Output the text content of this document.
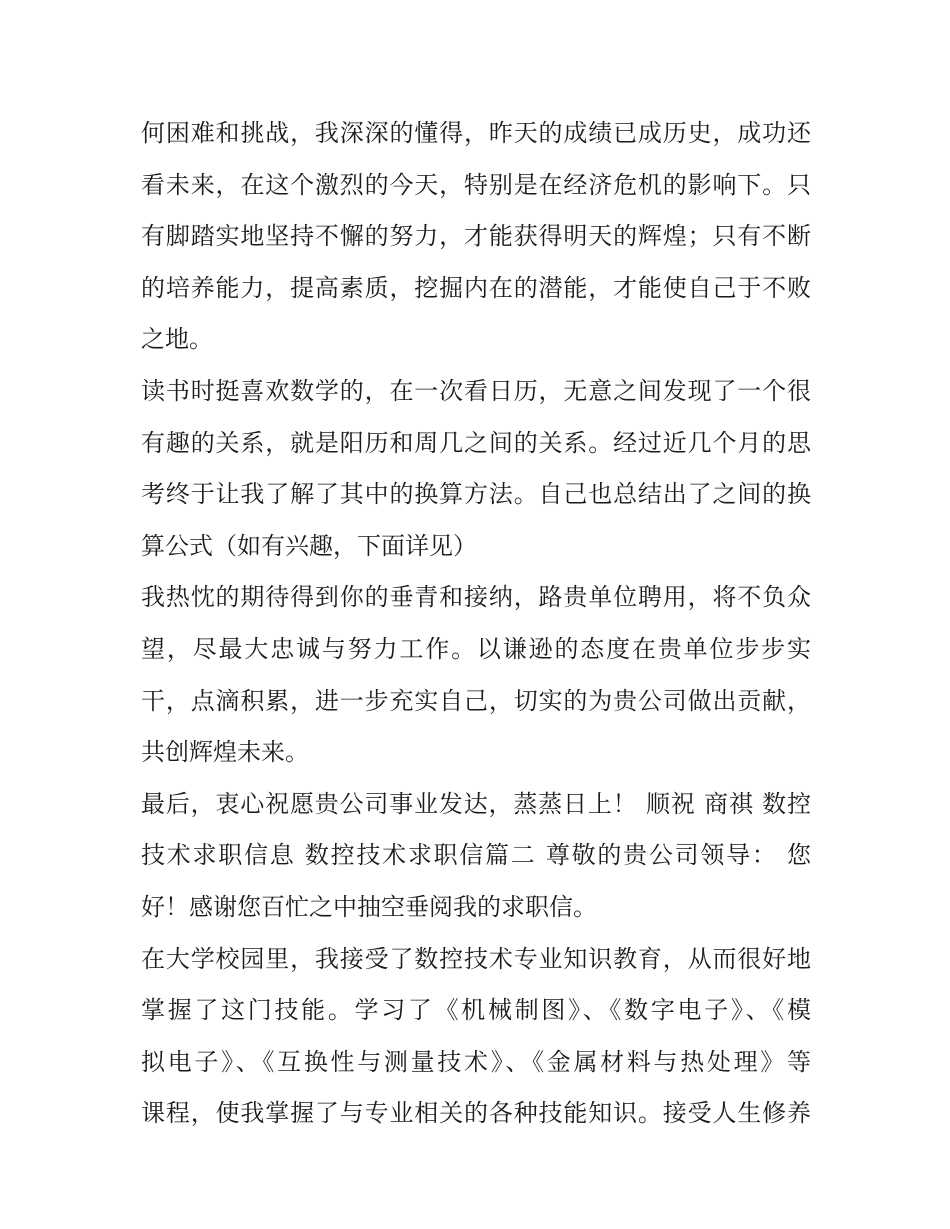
何困难和挑战，我深深的懂得，昨天的成绩已成历史，成功还
看未来，在这个激烈的今天，特别是在经济危机的影响下。只
有脚踏实地坚持不懈的努力，才能获得明天的辉煌；只有不断
的培养能力，提高素质，挖掘内在的潜能，才能使自己于不败
之地。
读书时挺喜欢数学的，在一次看日历，无意之间发现了一个很
有趣的关系，就是阳历和周几之间的关系。经过近几个月的思
考终于让我了解了其中的换算方法。自己也总结出了之间的换
算公式（如有兴趣，下面详见）
我热忱的期待得到你的垂青和接纳，路贵单位聘用，将不负众
望，尽最大忠诚与努力工作。以谦逊的态度在贵单位步步实
干，点滴积累，进一步充实自己，切实的为贵公司做出贡献，
共创辉煌未来。
最后，衷心祝愿贵公司事业发达，蒸蒸日上！ 顺祝 商祺 数控
技术求职信息 数控技术求职信篇二 尊敬的贵公司领导： 您
好！感谢您百忙之中抽空垂阅我的求职信。
在大学校园里，我接受了数控技术专业知识教育，从而很好地
掌握了这门技能。学习了《机械制图》、《数字电子》、《模
拟电子》、《互换性与测量技术》、《金属材料与热处理》等
课程，使我掌握了与专业相关的各种技能知识。接受人生修养
